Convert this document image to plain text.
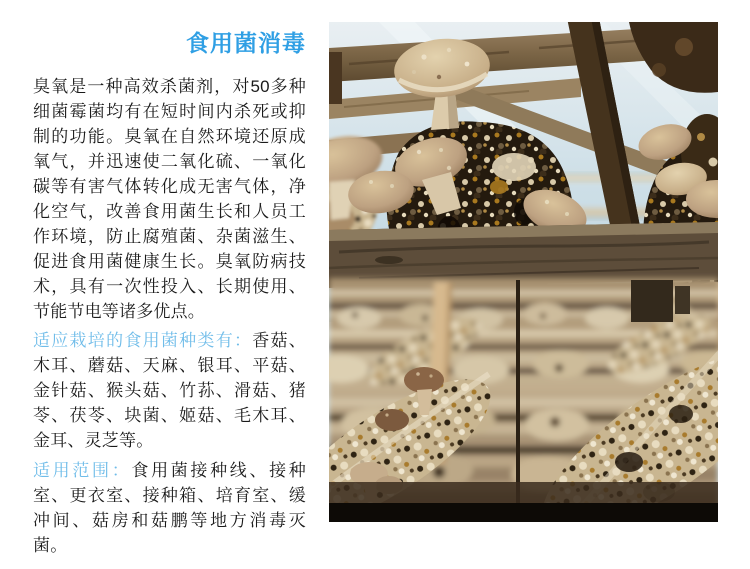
食用菌消毒

臭氧是一种高效杀菌剂，对50多种细菌霉菌均有在短时间内杀死或抑制的功能。臭氧在自然环境还原成氧气，并迅速使二氧化硫、一氧化碳等有害气体转化成无害气体，净化空气，改善食用菌生长和人员工作环境，防止腐殖菌、杂菌滋生、促进食用菌健康生长。臭氧防病技术，具有一次性投入、长期使用、节能节电等诸多优点。

适应栽培的食用菌种类有：香菇、木耳、蘑菇、天麻、银耳、平菇、金针菇、猴头菇、竹荪、滑菇、猪苓、茯苓、块菌、姬菇、毛木耳、金耳、灵芝等。

适用范围：食用菌接种线、接种室、更衣室、接种箱、培育室、缓冲间、菇房和菇鹏等地方消毒灭菌。
